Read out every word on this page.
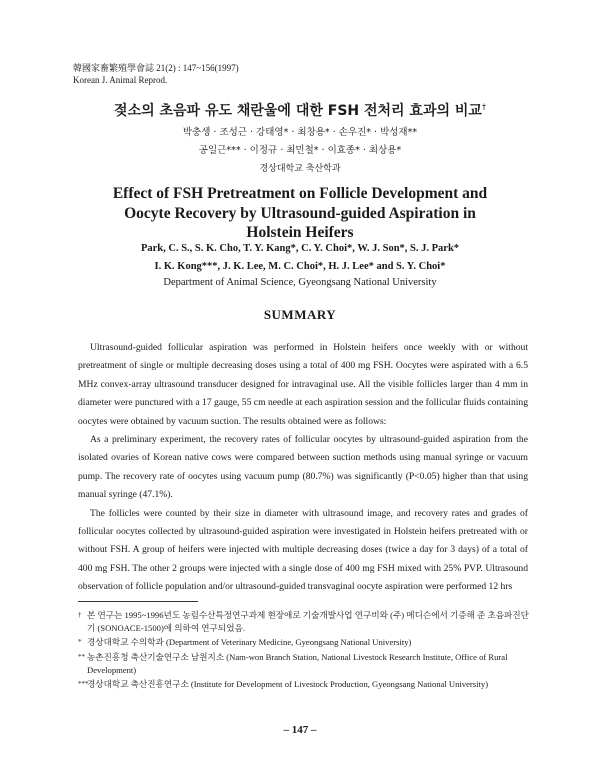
韓國家畜繁殖學會誌 21(2) : 147~156(1997)
Korean J. Animal Reprod.
젖소의 초음파 유도 채란울에 대한 FSH 전처리 효과의 비교†
박충생 · 조성근 · 강태영* · 최창용* · 손우진* · 박성재**
공일근*** · 이정규 · 최민철* · 이효종* · 최상용*
경상대학교 축산학과
Effect of FSH Pretreatment on Follicle Development and
Oocyte Recovery by Ultrasound-guided Aspiration in
Holstein Heifers
Park, C. S., S. K. Cho, T. Y. Kang*, C. Y. Choi*, W. J. Son*, S. J. Park*
I. K. Kong***, J. K. Lee, M. C. Choi*, H. J. Lee* and S. Y. Choi*
Department of Animal Science, Gyeongsang National University
SUMMARY

Ultrasound-guided follicular aspiration was performed in Holstein heifers once weekly with or without pretreatment of single or multiple decreasing doses using a total of 400 mg FSH. Oocytes were aspirated with a 6.5 MHz convex-array ultrasound transducer designed for intravaginal use. All the visible follicles larger than 4 mm in diameter were punctured with a 17 gauge, 55 cm needle at each aspiration session and the follicular fluids containing oocytes were obtained by vacuum suction. The results obtained were as follows:

As a preliminary experiment, the recovery rates of follicular oocytes by ultrasound-guided aspiration from the isolated ovaries of Korean native cows were compared between suction methods using manual syringe or vacuum pump. The recovery rate of oocytes using vacuum pump (80.7%) was significantly (P<0.05) higher than that using manual syringe (47.1%).

The follicles were counted by their size in diameter with ultrasound image, and recovery rates and grades of follicular oocytes collected by ultrasound-guided aspiration were investigated in Holstein heifers pretreated with or without FSH. A group of heifers were injected with multiple decreasing doses (twice a day for 3 days) of a total of 400 mg FSH. The other 2 groups were injected with a single dose of 400 mg FSH mixed with 25% PVP. Ultrasound observation of follicle population and/or ultrasound-guided transvaginal oocyte aspiration were performed 12 hrs

† 본 연구는 1995~1996년도 농림수산특정연구과제 현장애로 기술개발사업 연구비와 (주) 메디슨에서 기증해 준 초음파진단기 (SONOACE-1500)에 의하여 연구되었음.
* 경상대학교 수의학과 (Department of Veterinary Medicine, Gyeongsang National University)
** 농촌진흥청 축산기술연구소 남원지소 (Nam-won Branch Station, National Livestock Research Institute, Office of Rural Development)
***
경상대학교 축산진흥연구소 (Institute for Development of Livestock Production, Gyeongsang National University)
– 147 –
